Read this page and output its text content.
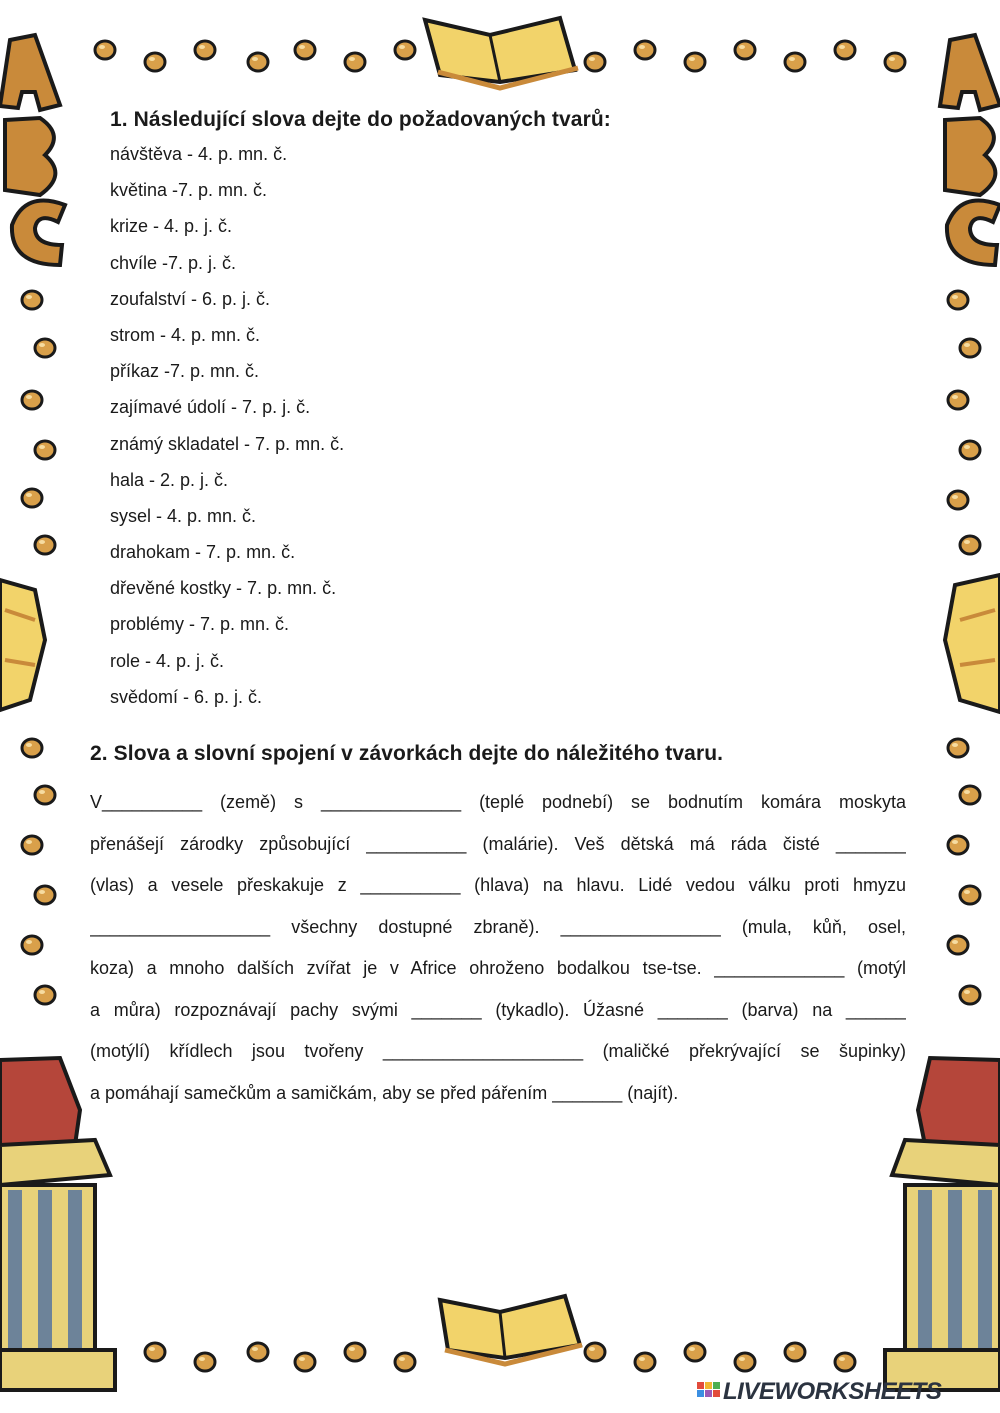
1. Následující slova dejte do požadovaných tvarů:
návštěva - 4. p. mn. č.
květina -7. p. mn. č.
krize - 4. p. j. č.
chvíle -7. p. j. č.
zoufalství - 6. p. j. č.
strom - 4. p. mn. č.
příkaz -7. p. mn. č.
zajímavé údolí - 7. p. j. č.
známý skladatel - 7. p. mn. č.
hala - 2. p. j. č.
sysel - 4. p. mn. č.
drahokam - 7. p. mn. č.
dřevěné kostky - 7. p. mn. č.
problémy - 7. p. mn. č.
role - 4. p. j. č.
svědomí - 6. p. j. č.
2. Slova a slovní spojení v závorkách dejte do náležitého tvaru.
V__________ (země) s ______________ (teplé podnebí) se bodnutím komára moskyta
přenášejí zárodky způsobující __________ (malárie). Veš dětská má ráda čisté _______
(vlas) a vesele přeskakuje z __________ (hlava) na hlavu. Lidé vedou válku proti hmyzu
__________________ všechny dostupné zbraně). ________________ (mula, kůň, osel,
koza) a mnoho dalších zvířat je v Africe ohroženo bodalkou tse-tse. _____________ (motýl
a můra) rozpoznávají pachy svými _______ (tykadlo). Úžasné _______ (barva) na ______
(motýlí) křídlech jsou tvořeny ____________________ (maličké překrývající se šupinky)
a pomáhají samečkům a samičkám, aby se před pářením _______ (najít).
LIVEWORKSHEETS
